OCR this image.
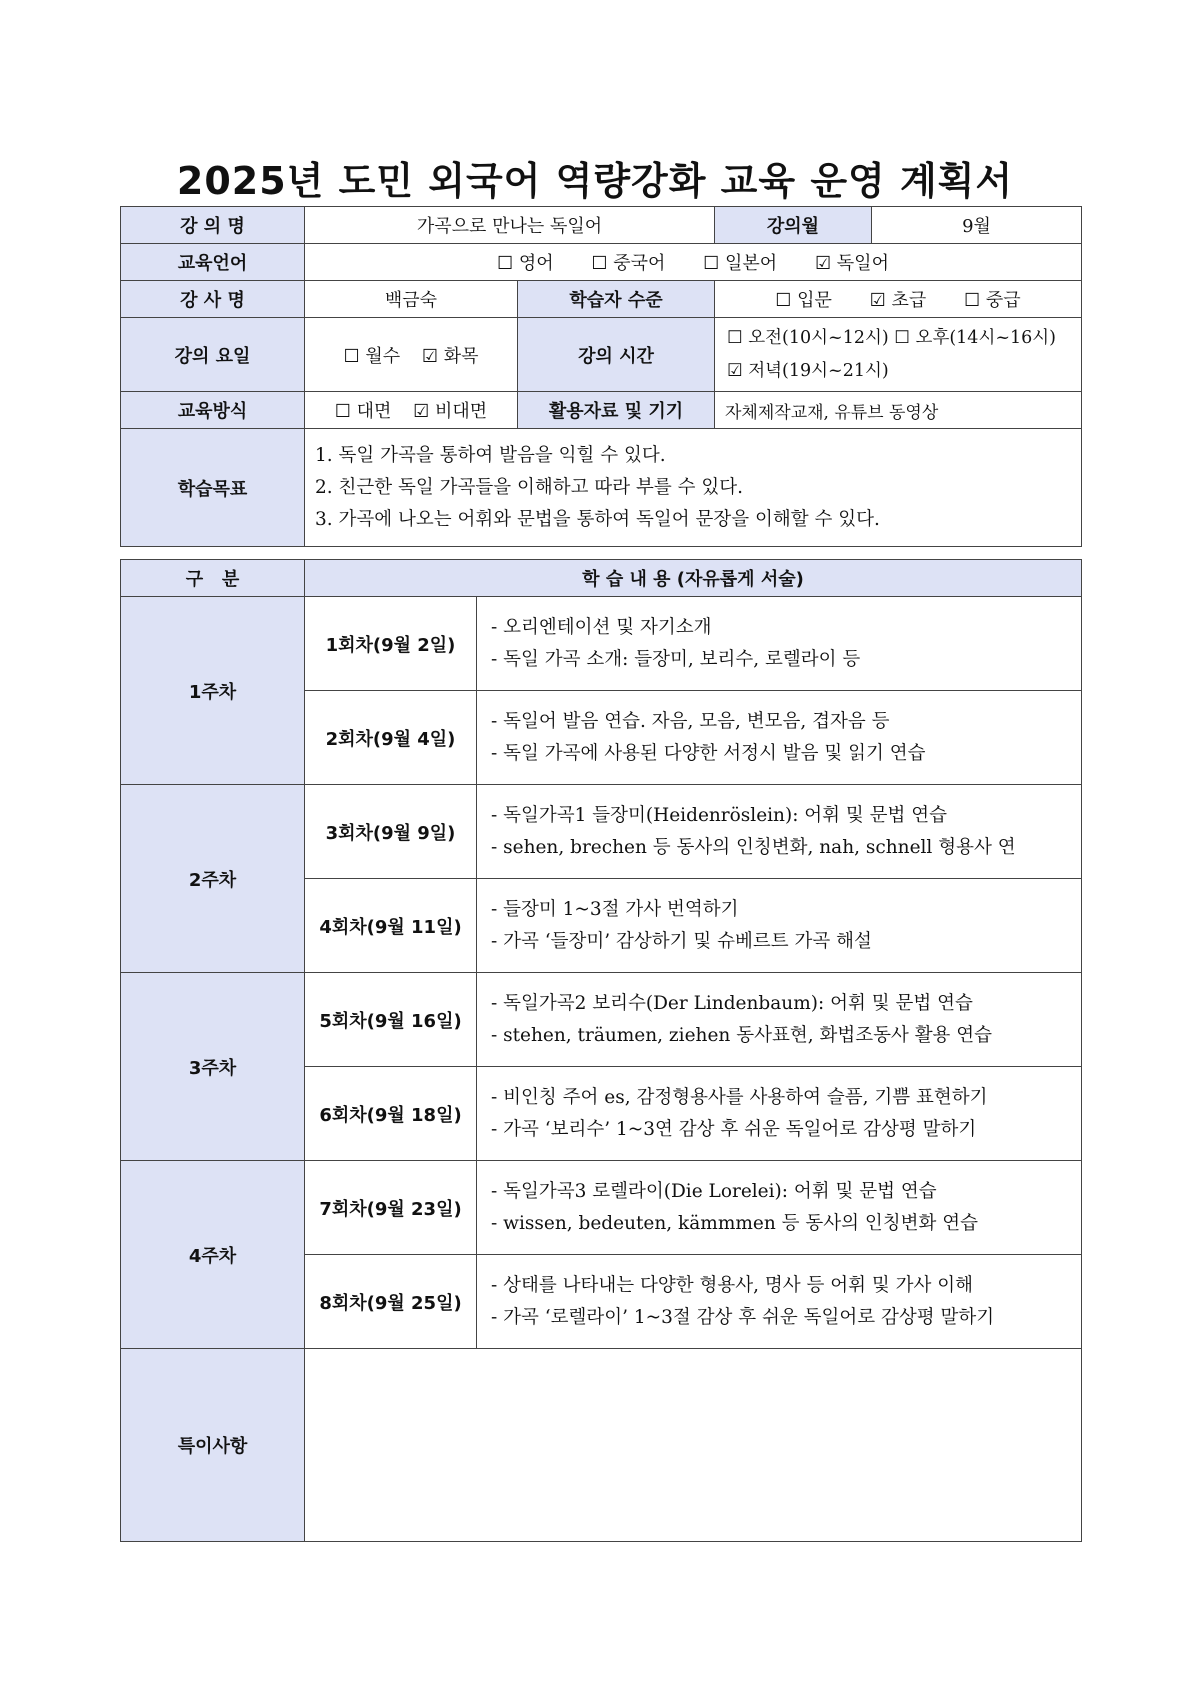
2025년 도민 외국어 역량강화 교육 운영 계획서
강 의 명	가곡으로 만나는 독일어		강의월	9월
교육언어	☐ 영어 ☐ 중국어 ☐ 일본어 ☑ 독일어			
강 사 명	백금숙	학습자 수준	☐ 입문 ☑ 초급 ☐ 중급	
강의 요일	☐ 월수 ☑ 화목	강의 시간	☐ 오전(10시~12시) ☐ 오후(14시~16시)
☑ 저녁(19시~21시)	

교육방식	☐ 대면 ☑ 비대면	활용자료 및 기기	자체제작교재, 유튜브 동영상	
학습목표	1. 독일 가곡을 통하여 발음을 익힐 수 있다.
2. 친근한 독일 가곡들을 이해하고 따라 부를 수 있다.
3. 가곡에 나오는 어휘와 문법을 통하여 독일어 문장을 이해할 수 있다.			
구   분	학 습 내 용 (자유롭게 서술)	
1주차	1회차(9월 2일)	- 오리엔테이션 및 자기소개
- 독일 가곡 소개: 들장미, 보리수, 로렐라이 등

	2회차(9월 4일)	- 독일어 발음 연습. 자음, 모음, 변모음, 겹자음 등
- 독일 가곡에 사용된 다양한 서정시 발음 및 읽기 연습

2주차	3회차(9월 9일)	- 독일가곡1 들장미(Heidenröslein): 어휘 및 문법 연습
- sehen, brechen 등 동사의 인칭변화, nah, schnell 형용사 연

	4회차(9월 11일)	- 들장미 1~3절 가사 번역하기
- 가곡 ‘들장미’ 감상하기 및 슈베르트 가곡 해설

3주차	5회차(9월 16일)	- 독일가곡2 보리수(Der Lindenbaum): 어휘 및 문법 연습
- stehen, träumen, ziehen 동사표현, 화법조동사 활용 연습

	6회차(9월 18일)	- 비인칭 주어 es, 감정형용사를 사용하여 슬픔, 기쁨 표현하기
- 가곡 ‘보리수’ 1~3연 감상 후 쉬운 독일어로 감상평 말하기

4주차	7회차(9월 23일)	- 독일가곡3 로렐라이(Die Lorelei): 어휘 및 문법 연습
- wissen, bedeuten, kämmmen 등 동사의 인칭변화 연습

	8회차(9월 25일)	- 상태를 나타내는 다양한 형용사, 명사 등 어휘 및 가사 이해
- 가곡 ‘로렐라이’ 1~3절 감상 후 쉬운 독일어로 감상평 말하기

특이사항		
